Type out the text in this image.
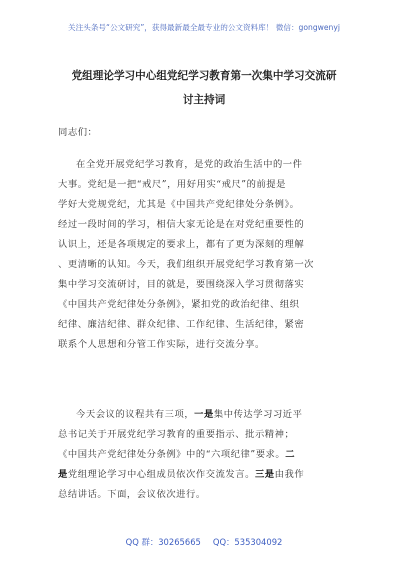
关注头条号“公文研究”，获得最新最全最专业的公文资料库！ 微信：gongwenyj
党组理论学习中心组党纪学习教育第一次集中学习交流研
讨主持词
同志们：
在全党开展党纪学习教育，是党的政治生活中的一件
大事。党纪是一把“戒尺”，用好用实“戒尺”的前提是
学好大党规党纪，尤其是《中国共产党纪律处分条例》。
经过一段时间的学习，相信大家无论是在对党纪重要性的
认识上，还是各项规定的要求上，都有了更为深刻的理解
、更清晰的认知。今天，我们组织开展党纪学习教育第一次
集中学习交流研讨，目的就是，要围绕深入学习贯彻落实
《中国共产党纪律处分条例》，紧扣党的政治纪律、组织
纪律、廉洁纪律、群众纪律、工作纪律、生活纪律，紧密
联系个人思想和分管工作实际，进行交流分享。
今天会议的议程共有三项，一是集中传达学习习近平
总书记关于开展党纪学习教育的重要指示、批示精神；
《中国共产党纪律处分条例》中的“六项纪律”要求。二
是党组理论学习中心组成员依次作交流发言。三是由我作
总结讲话。下面，会议依次进行。
QQ 群：30265665 QQ：535304092
